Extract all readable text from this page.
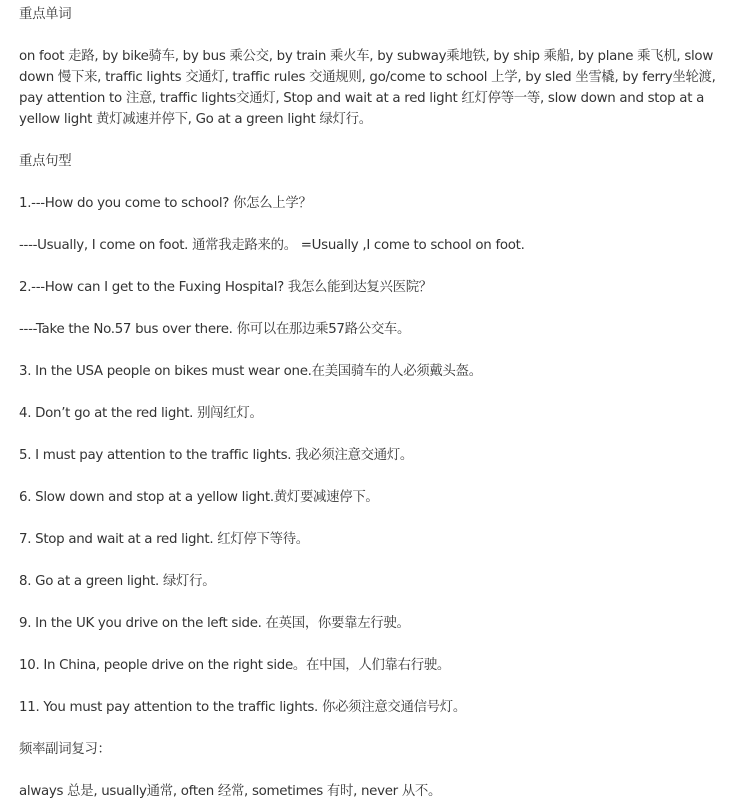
重点单词
on foot 走路, by bike骑车, by bus 乘公交, by train 乘火车, by subway乘地铁, by ship 乘船, by plane 乘飞机, slow down 慢下来, traffic lights 交通灯, traffic rules 交通规则, go/come to school 上学, by sled 坐雪橇, by ferry坐轮渡, pay attention to 注意, traffic lights交通灯, Stop and wait at a red light 红灯停等一等, slow down and stop at a yellow light 黄灯减速并停下, Go at a green light 绿灯行。
重点句型
1.---How do you come to school? 你怎么上学？
----Usually, I come on foot. 通常我走路来的。 =Usually ,I come to school on foot.
2.---How can I get to the Fuxing Hospital? 我怎么能到达复兴医院？
----Take the No.57 bus over there. 你可以在那边乘57路公交车。
3. In the USA people on bikes must wear one.在美国骑车的人必须戴头盔。
4. Don’t go at the red light. 别闯红灯。
5. I must pay attention to the traffic lights. 我必须注意交通灯。
6. Slow down and stop at a yellow light.黄灯要减速停下。
7. Stop and wait at a red light. 红灯停下等待。
8. Go at a green light. 绿灯行。
9. In the UK you drive on the left side. 在英国，你要靠左行驶。
10. In China, people drive on the right side。在中国，人们靠右行驶。
11. You must pay attention to the traffic lights. 你必须注意交通信号灯。
频率副词复习：
always 总是, usually通常, often 经常, sometimes 有时, never 从不。
